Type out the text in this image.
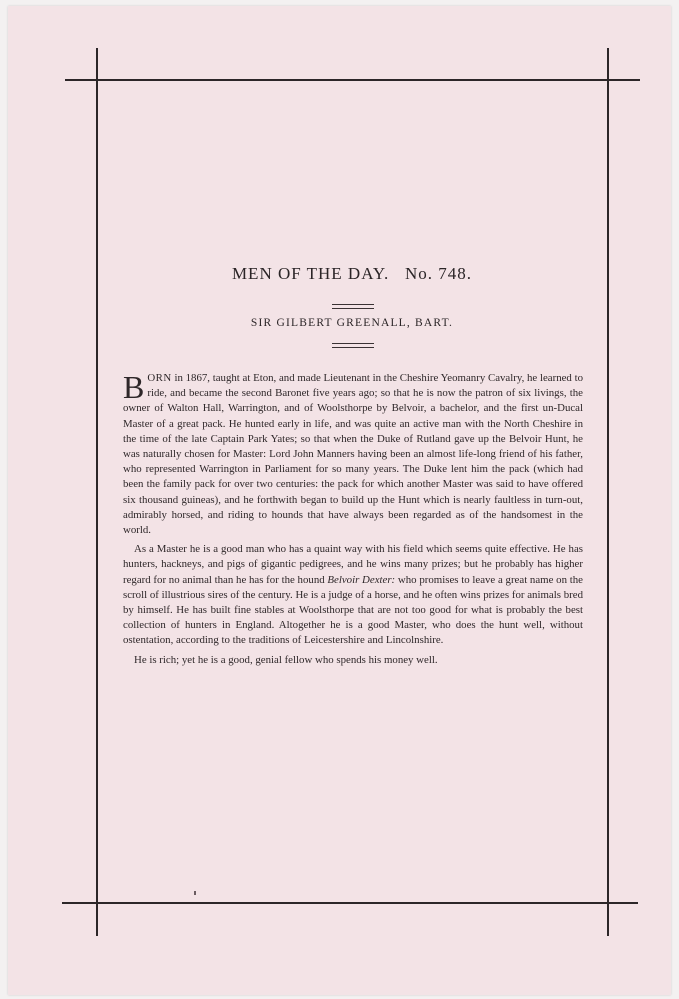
MEN OF THE DAY.   No. 748.
SIR GILBERT GREENALL, BART.

BORN in 1867, taught at Eton, and made Lieutenant in the Cheshire Yeomanry Cavalry, he learned to ride, and became the second Baronet five years ago; so that he is now the patron of six livings, the owner of Walton Hall, Warrington, and of Woolsthorpe by Belvoir, a bachelor, and the first un-Ducal Master of a great pack. He hunted early in life, and was quite an active man with the North Cheshire in the time of the late Captain Park Yates; so that when the Duke of Rutland gave up the Belvoir Hunt, he was naturally chosen for Master: Lord John Manners having been an almost life-long friend of his father, who represented Warrington in Parliament for so many years. The Duke lent him the pack (which had been the family pack for over two centuries: the pack for which another Master was said to have offered six thousand guineas), and he forthwith began to build up the Hunt which is nearly faultless in turn-out, admirably horsed, and riding to hounds that have always been regarded as of the handsomest in the world.

As a Master he is a good man who has a quaint way with his field which seems quite effective. He has hunters, hackneys, and pigs of gigantic pedigrees, and he wins many prizes; but he probably has higher regard for no animal than he has for the hound Belvoir Dexter: who promises to leave a great name on the scroll of illustrious sires of the century. He is a judge of a horse, and he often wins prizes for animals bred by himself. He has built fine stables at Woolsthorpe that are not too good for what is probably the best collection of hunters in England. Altogether he is a good Master, who does the hunt well, without ostentation, according to the traditions of Leicestershire and Lincolnshire.

He is rich; yet he is a good, genial fellow who spends his money well.
